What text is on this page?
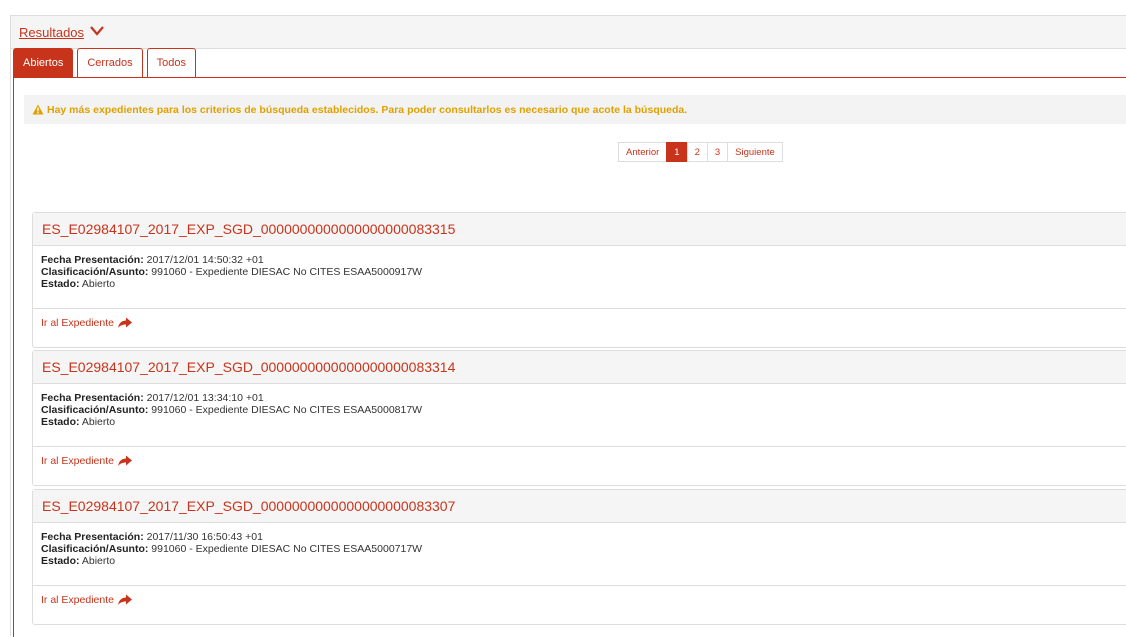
Resultados
Abiertos Cerrados Todos
Hay más expedientes para los criterios de búsqueda establecidos. Para poder consultarlos es necesario que acote la búsqueda.
Anterior	1	2	3	Siguiente
ES_E02984107_2017_EXP_SGD_0000000000000000000083315
Fecha Presentación: 2017/12/01 14:50:32 +01
Clasificación/Asunto: 991060 - Expediente DIESAC No CITES ESAA5000917W
Estado: Abierto
Ir al Expediente
ES_E02984107_2017_EXP_SGD_0000000000000000000083314
Fecha Presentación: 2017/12/01 13:34:10 +01
Clasificación/Asunto: 991060 - Expediente DIESAC No CITES ESAA5000817W
Estado: Abierto
Ir al Expediente
ES_E02984107_2017_EXP_SGD_0000000000000000000083307
Fecha Presentación: 2017/11/30 16:50:43 +01
Clasificación/Asunto: 991060 - Expediente DIESAC No CITES ESAA5000717W
Estado: Abierto
Ir al Expediente
